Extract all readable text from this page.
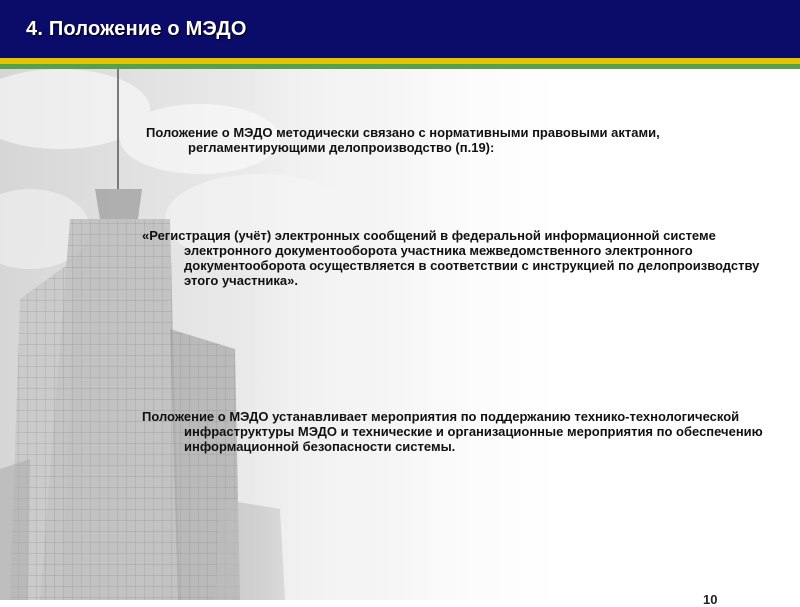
4. Положение о МЭДО

Положение о МЭДО методически связано с нормативными правовыми актами, регламентирующими делопроизводство (п.19):

«Регистрация (учёт) электронных сообщений в федеральной информационной системе электронного документооборота участника межведомственного электронного документооборота осуществляется в соответствии с инструкцией по делопроизводству этого участника».

Положение о МЭДО устанавливает мероприятия по поддержанию технико-технологической инфраструктуры МЭДО и технические и организационные мероприятия по обеспечению информационной безопасности системы.

10
